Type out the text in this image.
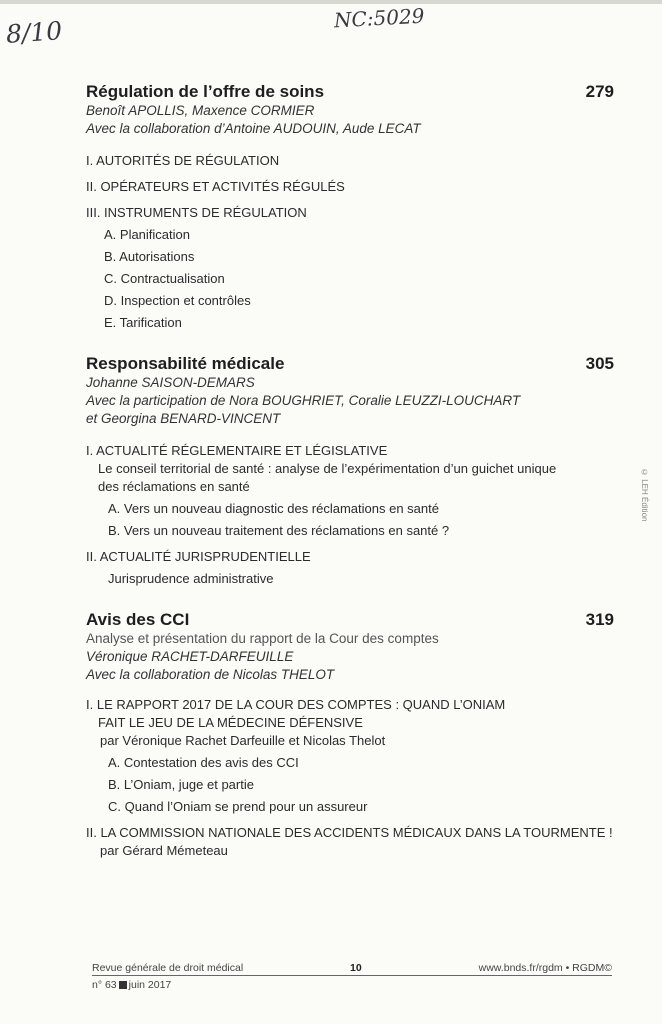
8/10	NC:5029
© LEH Édition
Régulation de l’offre de soins	279
Benoît APOLLIS, Maxence CORMIER
Avec la collaboration d’Antoine AUDOUIN, Aude LECAT
I. AUTORITÉS DE RÉGULATION
II. OPÉRATEURS ET ACTIVITÉS RÉGULÉS
III. INSTRUMENTS DE RÉGULATION
A. Planification
B. Autorisations
C. Contractualisation
D. Inspection et contrôles
E. Tarification
Responsabilité médicale	305
Johanne SAISON-DEMARS
Avec la participation de Nora BOUGHRIET, Coralie LEUZZI-LOUCHART
et Georgina BENARD-VINCENT
I. ACTUALITÉ RÉGLEMENTAIRE ET LÉGISLATIVE
Le conseil territorial de santé : analyse de l’expérimentation d’un guichet unique
des réclamations en santé
A. Vers un nouveau diagnostic des réclamations en santé
B. Vers un nouveau traitement des réclamations en santé ?
II. ACTUALITÉ JURISPRUDENTIELLE
Jurisprudence administrative
Avis des CCI	319
Analyse et présentation du rapport de la Cour des comptes
Véronique RACHET-DARFEUILLE
Avec la collaboration de Nicolas THELOT
I. LE RAPPORT 2017 DE LA COUR DES COMPTES : QUAND L’ONIAM
FAIT LE JEU DE LA MÉDECINE DÉFENSIVE
par Véronique Rachet Darfeuille et Nicolas Thelot
A. Contestation des avis des CCI
B. L’Oniam, juge et partie
C. Quand l’Oniam se prend pour un assureur
II. LA COMMISSION NATIONALE DES ACCIDENTS MÉDICAUX DANS LA TOURMENTE !
par Gérard Mémeteau
Revue générale de droit médical	10	www.bnds.fr/rgdm • RGDM©
n° 63 juin 2017
